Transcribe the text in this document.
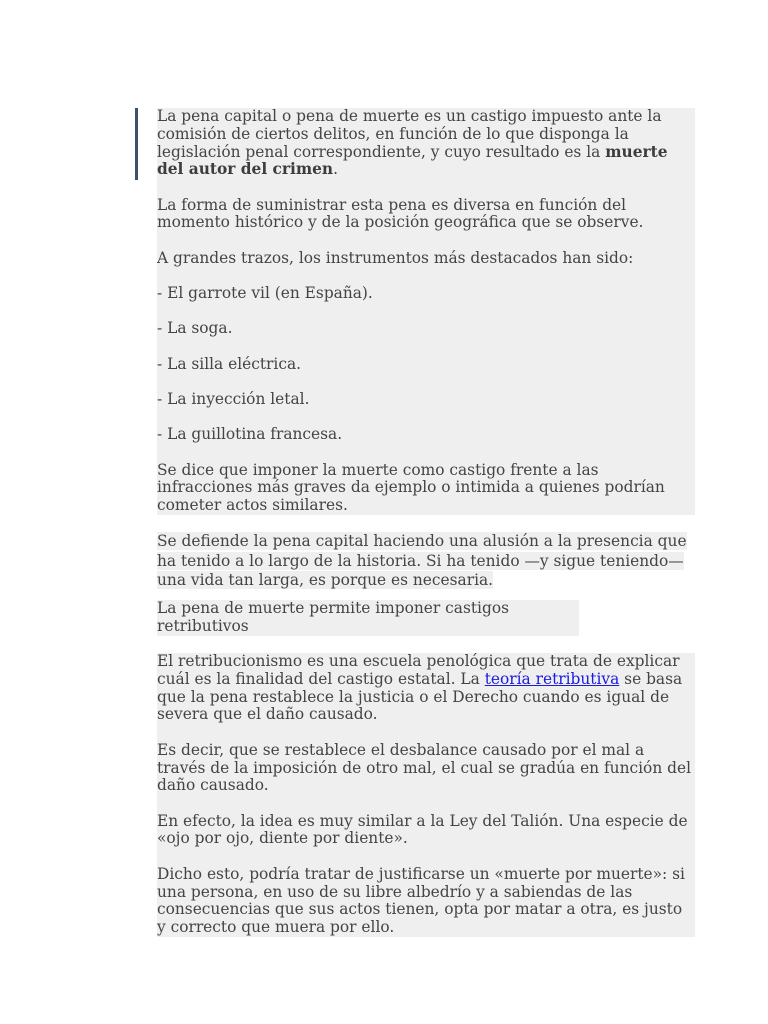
La pena capital o pena de muerte es un castigo impuesto ante la comisión de ciertos delitos, en función de lo que disponga la legislación penal correspondiente, y cuyo resultado es la muerte del autor del crimen.

La forma de suministrar esta pena es diversa en función del momento histórico y de la posición geográfica que se observe.

A grandes trazos, los instrumentos más destacados han sido:

- El garrote vil (en España).

- La soga.

- La silla eléctrica.

- La inyección letal.

- La guillotina francesa.

Se dice que imponer la muerte como castigo frente a las infracciones más graves da ejemplo o intimida a quienes podrían cometer actos similares.

Se defiende la pena capital haciendo una alusión a la presencia que ha tenido a lo largo de la historia. Si ha tenido —y sigue teniendo— una vida tan larga, es porque es necesaria.

La pena de muerte permite imponer castigos retributivos

El retribucionismo es una escuela penológica que trata de explicar cuál es la finalidad del castigo estatal. La teoría retributiva se basa que la pena restablece la justicia o el Derecho cuando es igual de severa que el daño causado.

Es decir, que se restablece el desbalance causado por el mal a través de la imposición de otro mal, el cual se gradúa en función del daño causado.

En efecto, la idea es muy similar a la Ley del Talión. Una especie de «ojo por ojo, diente por diente».

Dicho esto, podría tratar de justificarse un «muerte por muerte»: si una persona, en uso de su libre albedrío y a sabiendas de las consecuencias que sus actos tienen, opta por matar a otra, es justo y correcto que muera por ello.
